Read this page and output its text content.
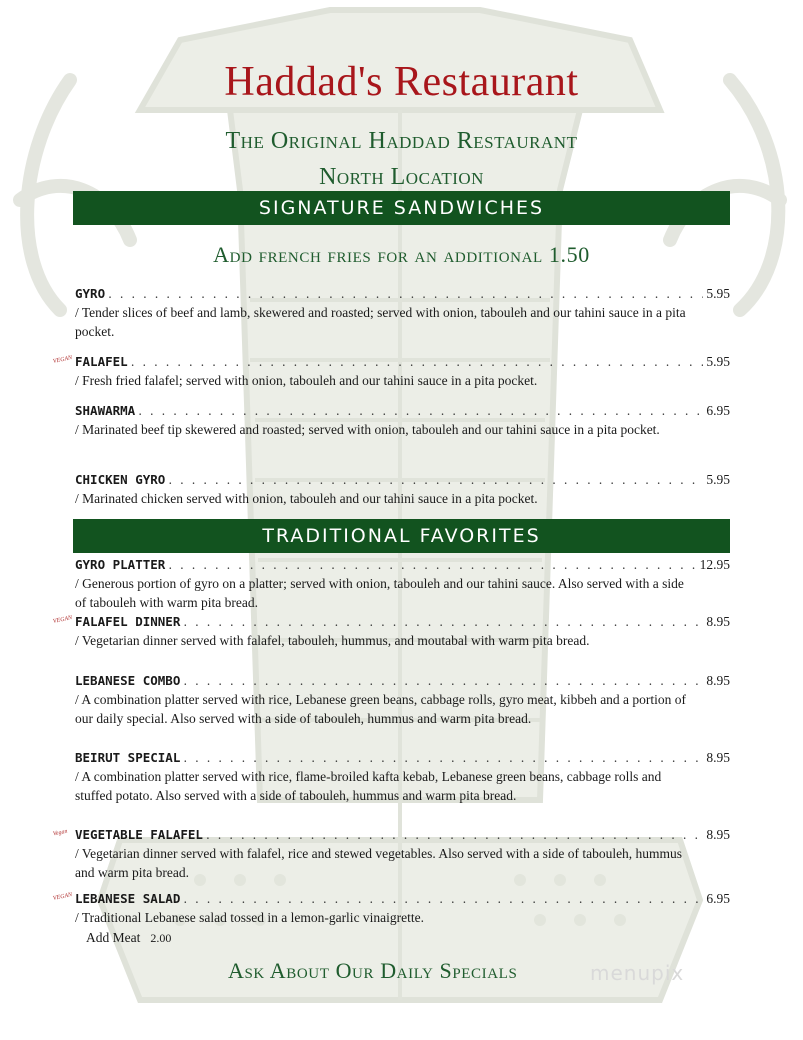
Haddad's Restaurant
The Original Haddad Restaurant
North Location
SIGNATURE SANDWICHES
Add french fries for an additional 1.50
GYRO . . .	5.95
/ Tender slices of beef and lamb, skewered and roasted; served with onion, tabouleh and our tahini sauce in a pita pocket.
VEGAN FALAFEL . . .	5.95
/ Fresh fried falafel; served with onion, tabouleh and our tahini sauce in a pita pocket.
SHAWARMA . . .	6.95
/ Marinated beef tip skewered and roasted; served with onion, tabouleh and our tahini sauce in a pita pocket.
CHICKEN GYRO . . .	5.95
/ Marinated chicken served with onion, tabouleh and our tahini sauce in a pita pocket.
TRADITIONAL FAVORITES
GYRO PLATTER . . .	12.95
/ Generous portion of gyro on a platter; served with onion, tabouleh and our tahini sauce. Also served with a side of tabouleh with warm pita bread.
VEGAN FALAFEL DINNER . . .	8.95
/ Vegetarian dinner served with falafel, tabouleh, hummus, and moutabal with warm pita bread.
LEBANESE COMBO . . .	8.95
/ A combination platter served with rice, Lebanese green beans, cabbage rolls, gyro meat, kibbeh and a portion of our daily special. Also served with a side of tabouleh, hummus and warm pita bread.
BEIRUT SPECIAL . . .	8.95
/ A combination platter served with rice, flame-broiled kafta kebab, Lebanese green beans, cabbage rolls and stuffed potato. Also served with a side of tabouleh, hummus and warm pita bread.
Vegan VEGETABLE FALAFEL . . .	8.95
/ Vegetarian dinner served with falafel, rice and stewed vegetables. Also served with a side of tabouleh, hummus and warm pita bread.
VEGAN LEBANESE SALAD . . .	6.95
/ Traditional Lebanese salad tossed in a lemon-garlic vinaigrette.
Add Meat 2.00
Ask About Our Daily Specials	menupix
